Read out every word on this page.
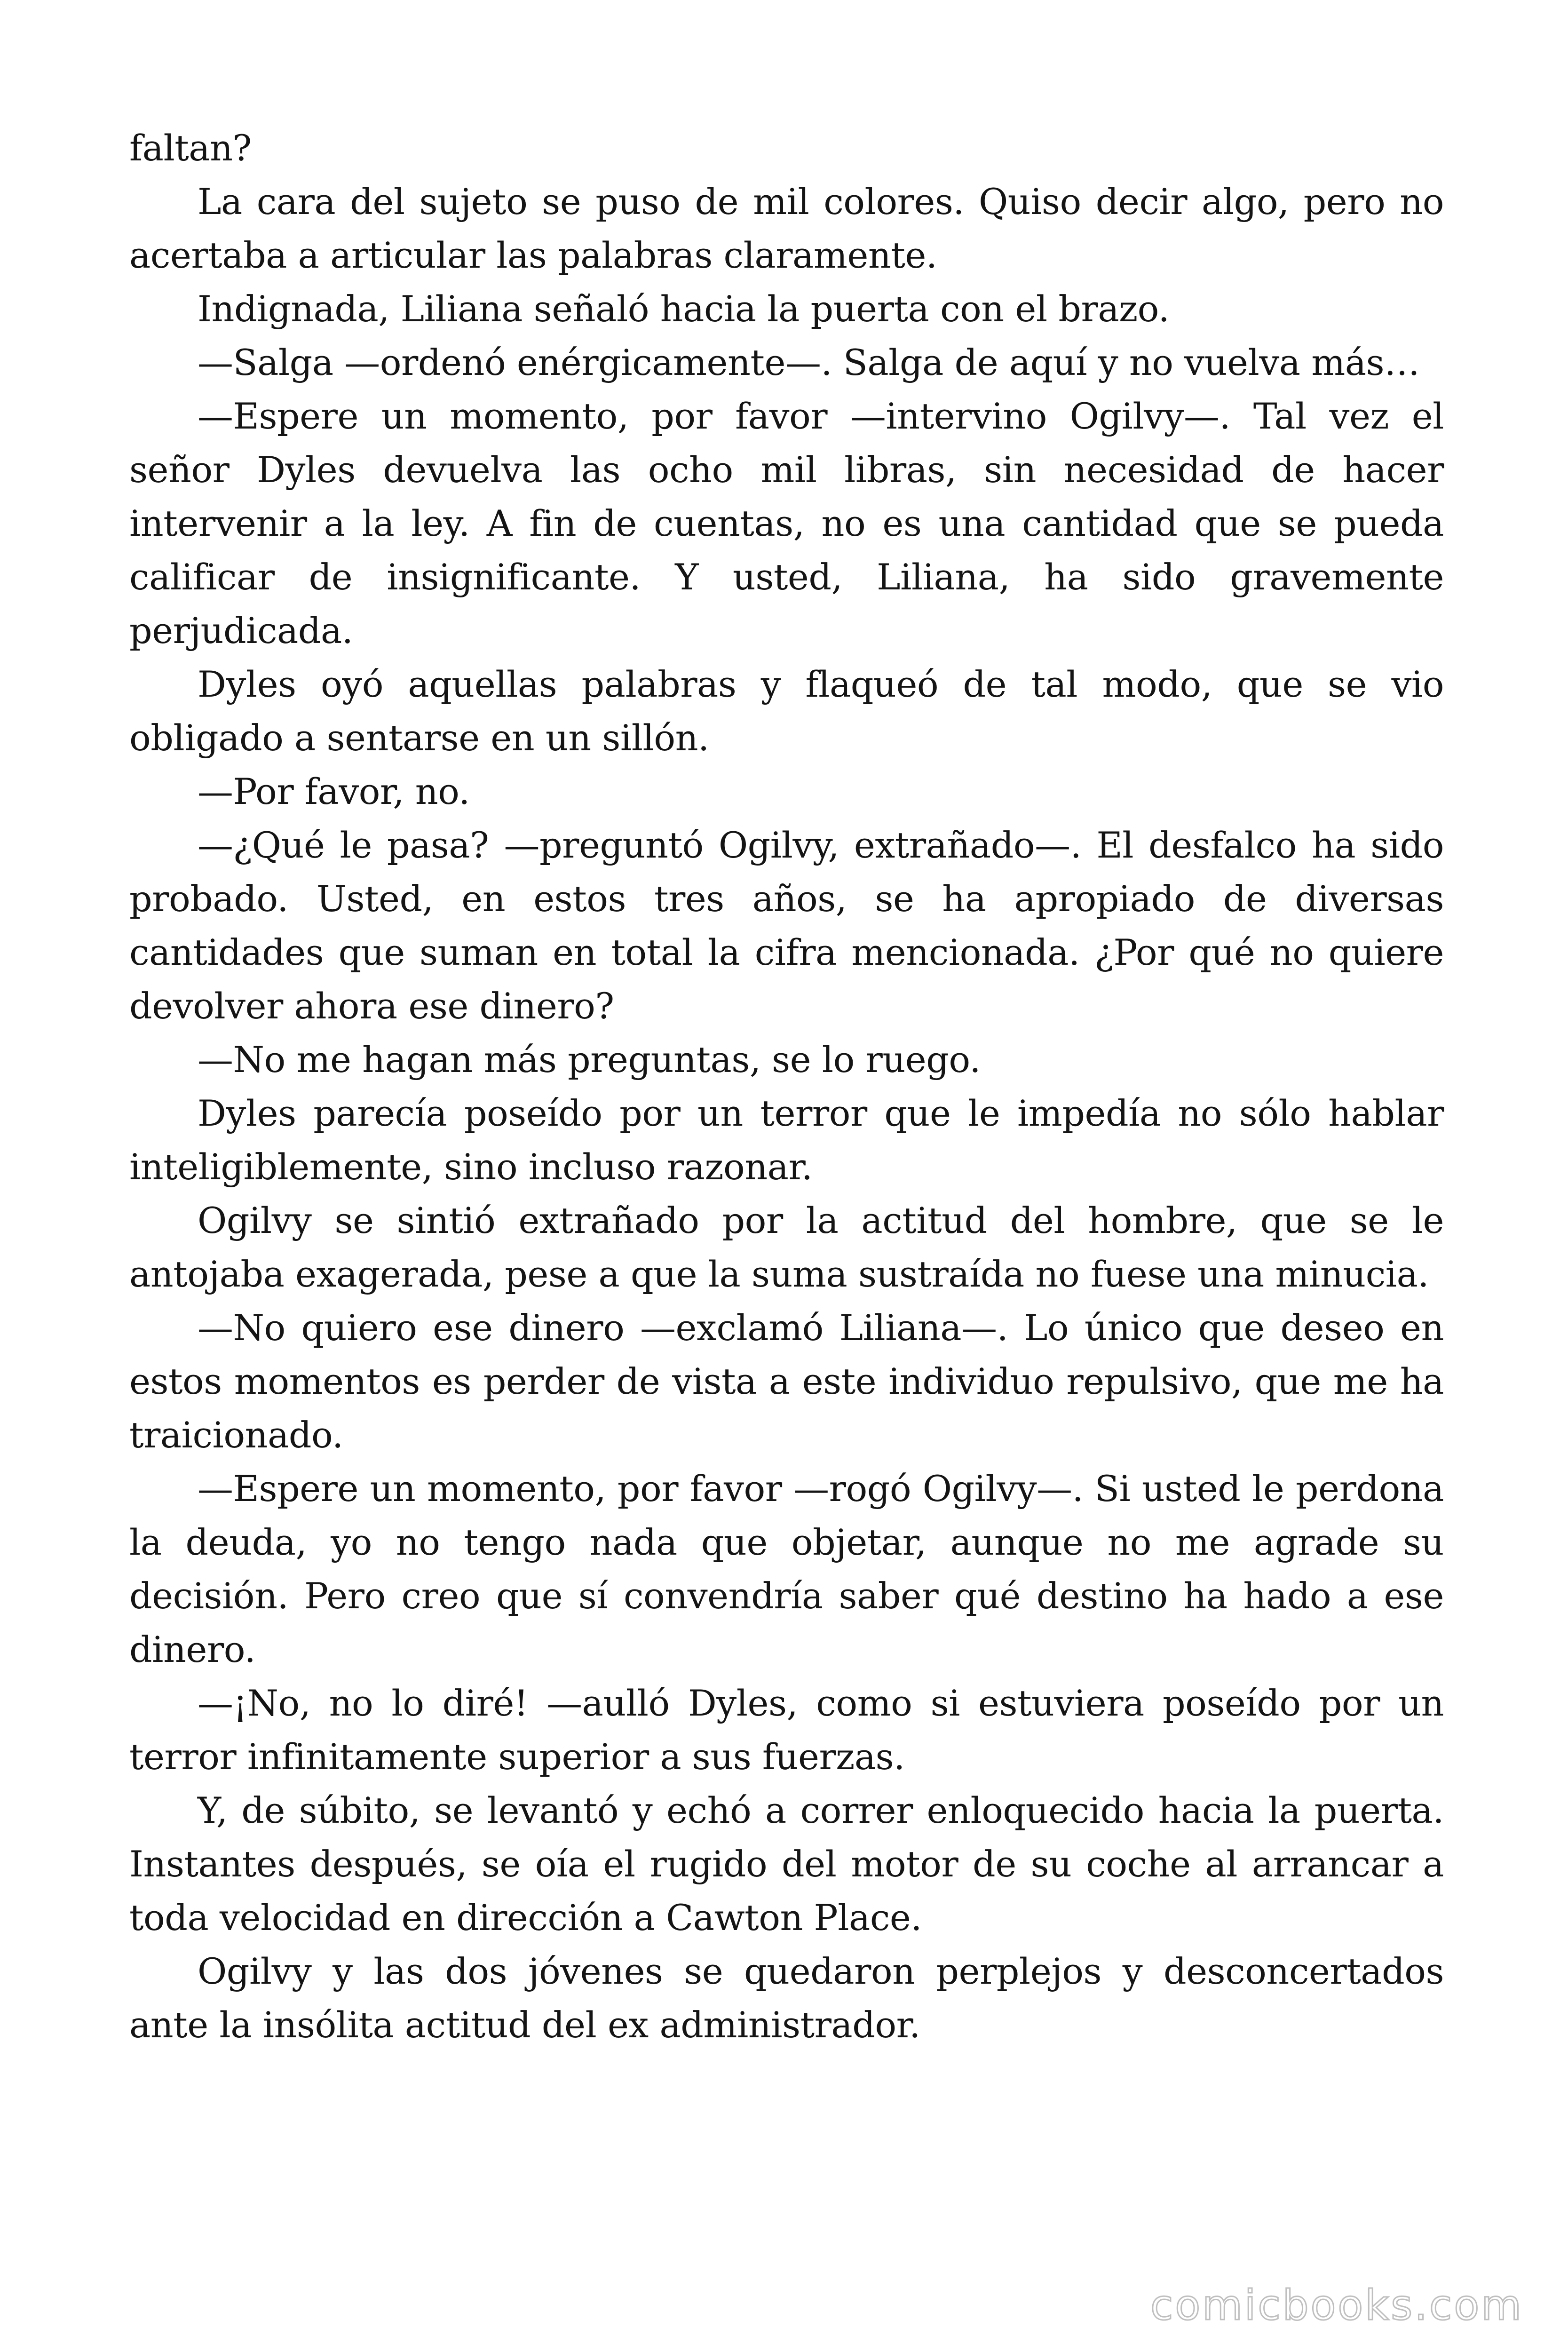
faltan?

La cara del sujeto se puso de mil colores. Quiso decir algo, pero no acertaba a articular las palabras claramente.

Indignada, Liliana señaló hacia la puerta con el brazo.

—Salga —ordenó enérgicamente—. Salga de aquí y no vuelva más…

—Espere un momento, por favor —intervino Ogilvy—. Tal vez el señor Dyles devuelva las ocho mil libras, sin necesidad de hacer intervenir a la ley. A fin de cuentas, no es una cantidad que se pueda calificar de insignificante. Y usted, Liliana, ha sido gravemente perjudicada.

Dyles oyó aquellas palabras y flaqueó de tal modo, que se vio obligado a sentarse en un sillón.

—Por favor, no.

—¿Qué le pasa? —preguntó Ogilvy, extrañado—. El desfalco ha sido probado. Usted, en estos tres años, se ha apropiado de diversas cantidades que suman en total la cifra mencionada. ¿Por qué no quiere devolver ahora ese dinero?

—No me hagan más preguntas, se lo ruego.

Dyles parecía poseído por un terror que le impedía no sólo hablar inteligiblemente, sino incluso razonar.

Ogilvy se sintió extrañado por la actitud del hombre, que se le antojaba exagerada, pese a que la suma sustraída no fuese una minucia.

—No quiero ese dinero —exclamó Liliana—. Lo único que deseo en estos momentos es perder de vista a este individuo repulsivo, que me ha traicionado.

—Espere un momento, por favor —rogó Ogilvy—. Si usted le perdona la deuda, yo no tengo nada que objetar, aunque no me agrade su decisión. Pero creo que sí convendría saber qué destino ha hado a ese dinero.

—¡No, no lo diré! —aulló Dyles, como si estuviera poseído por un terror infinitamente superior a sus fuerzas.

Y, de súbito, se levantó y echó a correr enloquecido hacia la puerta. Instantes después, se oía el rugido del motor de su coche al arrancar a toda velocidad en dirección a Cawton Place.

Ogilvy y las dos jóvenes se quedaron perplejos y desconcertados ante la insólita actitud del ex administrador.

comicbooks.com
